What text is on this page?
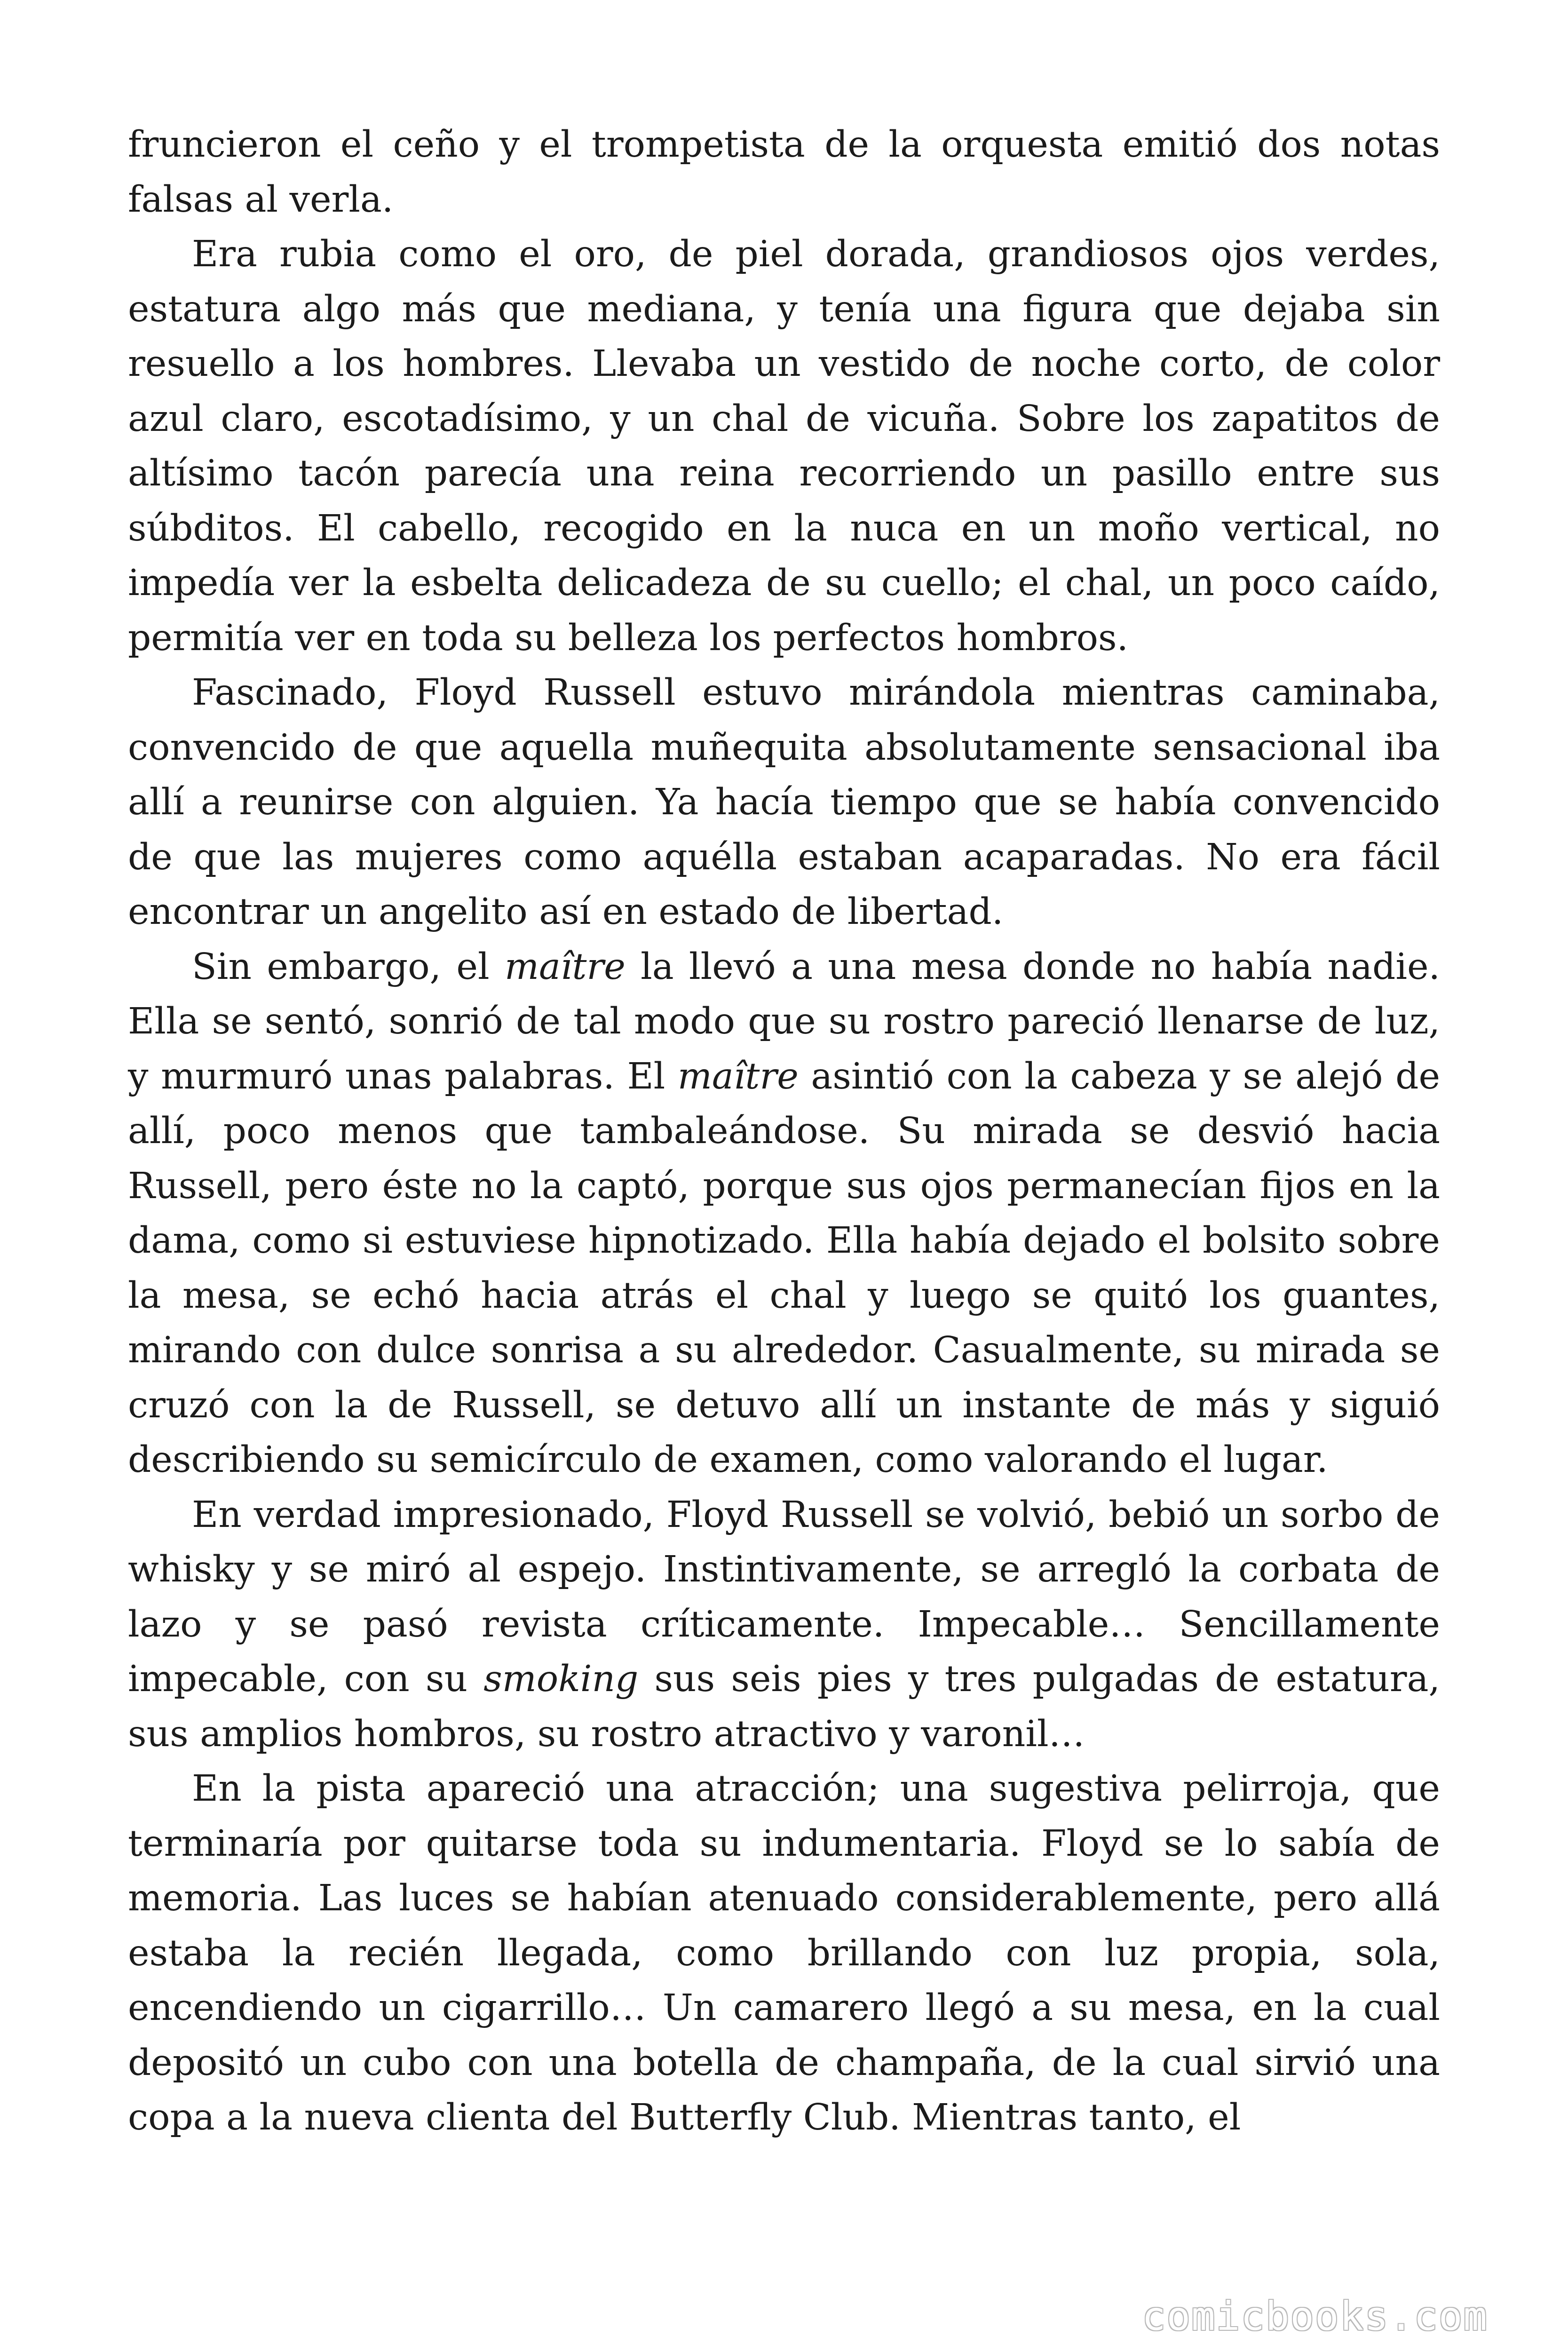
fruncieron el ceño y el trompetista de la orquesta emitió dos notas falsas al verla.

Era rubia como el oro, de piel dorada, grandiosos ojos verdes, estatura algo más que mediana, y tenía una figura que dejaba sin resuello a los hombres. Llevaba un vestido de noche corto, de color azul claro, escotadísimo, y un chal de vicuña. Sobre los zapatitos de altísimo tacón parecía una reina recorriendo un pasillo entre sus súbditos. El cabello, recogido en la nuca en un moño vertical, no impedía ver la esbelta delicadeza de su cuello; el chal, un poco caído, permitía ver en toda su belleza los perfectos hombros.

Fascinado, Floyd Russell estuvo mirándola mientras caminaba, convencido de que aquella muñequita absolutamente sensacional iba allí a reunirse con alguien. Ya hacía tiempo que se había convencido de que las mujeres como aquélla estaban acaparadas. No era fácil encontrar un angelito así en estado de libertad.

Sin embargo, el maître la llevó a una mesa donde no había nadie. Ella se sentó, sonrió de tal modo que su rostro pareció llenarse de luz, y murmuró unas palabras. El maître asintió con la cabeza y se alejó de allí, poco menos que tambaleándose. Su mirada se desvió hacia Russell, pero éste no la captó, porque sus ojos permanecían fijos en la dama, como si estuviese hipnotizado. Ella había dejado el bolsito sobre la mesa, se echó hacia atrás el chal y luego se quitó los guantes, mirando con dulce sonrisa a su alrededor. Casualmente, su mirada se cruzó con la de Russell, se detuvo allí un instante de más y siguió describiendo su semicírculo de examen, como valorando el lugar.

En verdad impresionado, Floyd Russell se volvió, bebió un sorbo de whisky y se miró al espejo. Instintivamente, se arregló la corbata de lazo y se pasó revista críticamente. Impecable… Sencillamente impecable, con su smoking sus seis pies y tres pulgadas de estatura, sus amplios hombros, su rostro atractivo y varonil…

En la pista apareció una atracción; una sugestiva pelirroja, que terminaría por quitarse toda su indumentaria. Floyd se lo sabía de memoria. Las luces se habían atenuado considerablemente, pero allá estaba la recién llegada, como brillando con luz propia, sola, encendiendo un cigarrillo… Un camarero llegó a su mesa, en la cual depositó un cubo con una botella de champaña, de la cual sirvió una copa a la nueva clienta del Butterfly Club. Mientras tanto, el

comicbooks.com
